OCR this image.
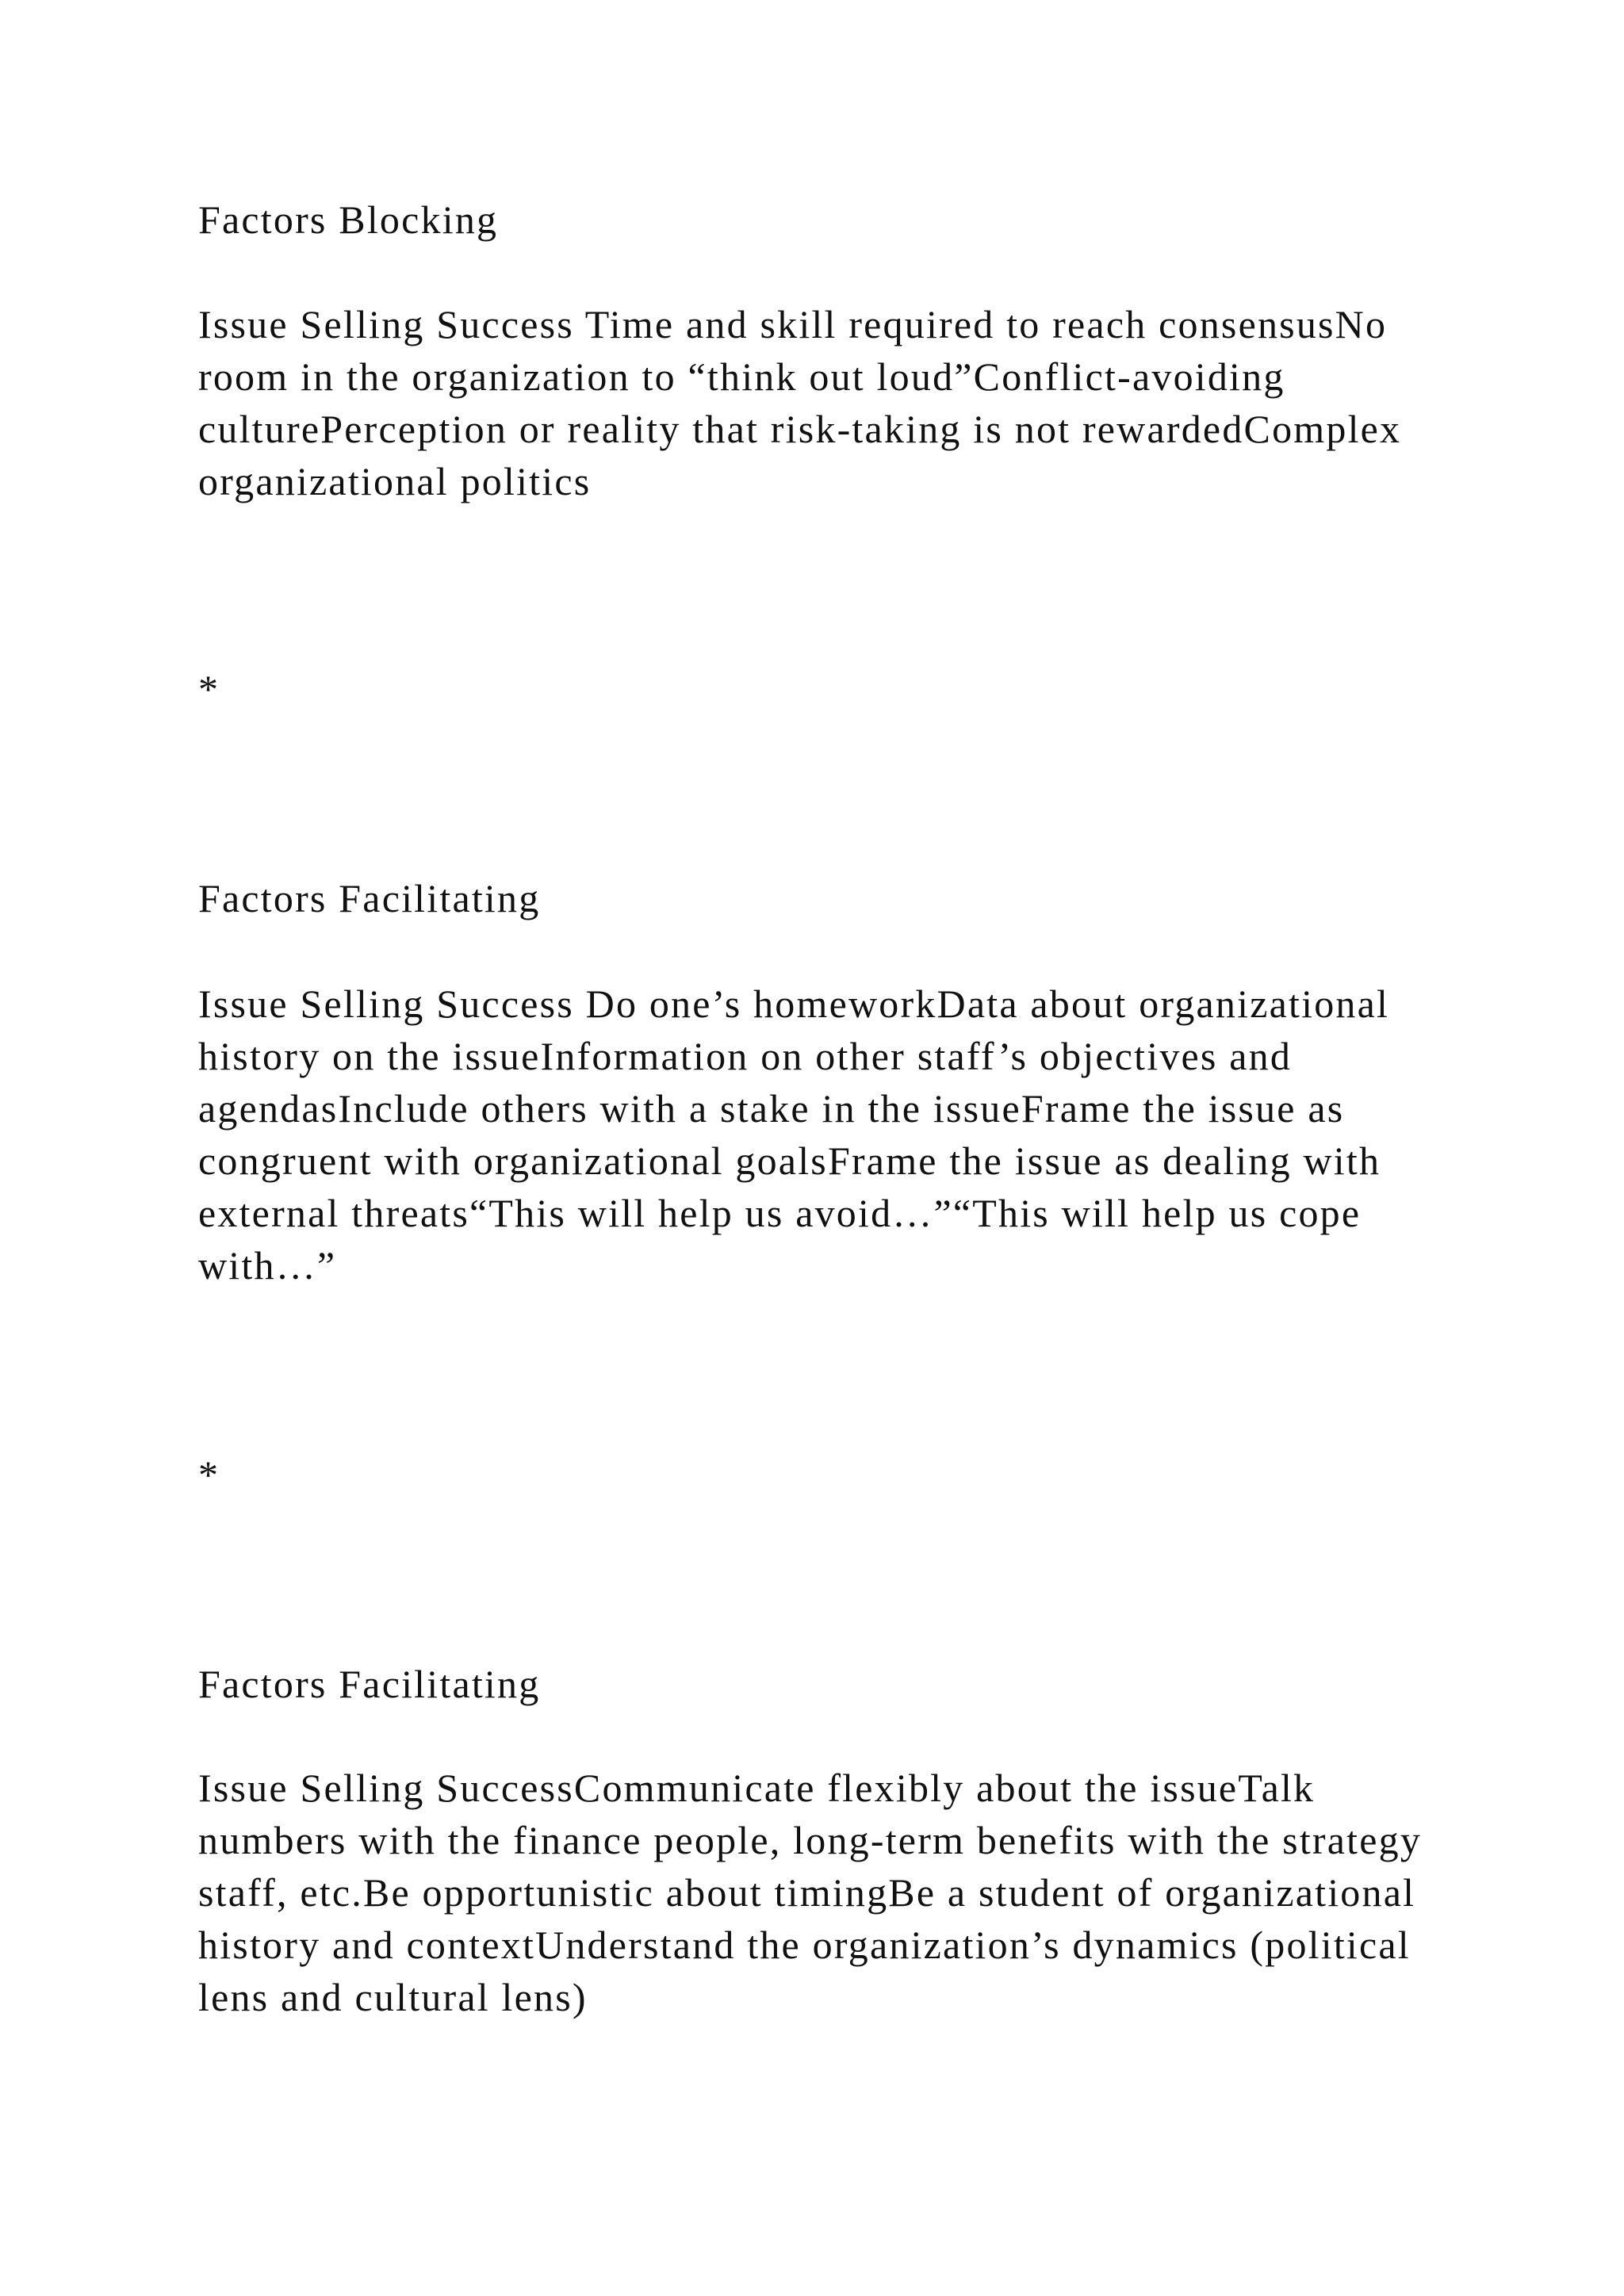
Factors Blocking

Issue Selling Success Time and skill required to reach consensusNo room in the organization to “think out loud”Conflict-avoiding culturePerception or reality that risk-taking is not rewardedComplex organizational politics

*

Factors Facilitating

Issue Selling Success Do one’s homeworkData about organizational history on the issueInformation on other staff’s objectives and agendasInclude others with a stake in the issueFrame the issue as congruent with organizational goalsFrame the issue as dealing with external threats“This will help us avoid…”“This will help us cope with…”

*

Factors Facilitating

Issue Selling SuccessCommunicate flexibly about the issueTalk numbers with the finance people, long-term benefits with the strategy staff, etc.Be opportunistic about timingBe a student of organizational history and contextUnderstand the organization’s dynamics (political lens and cultural lens)
